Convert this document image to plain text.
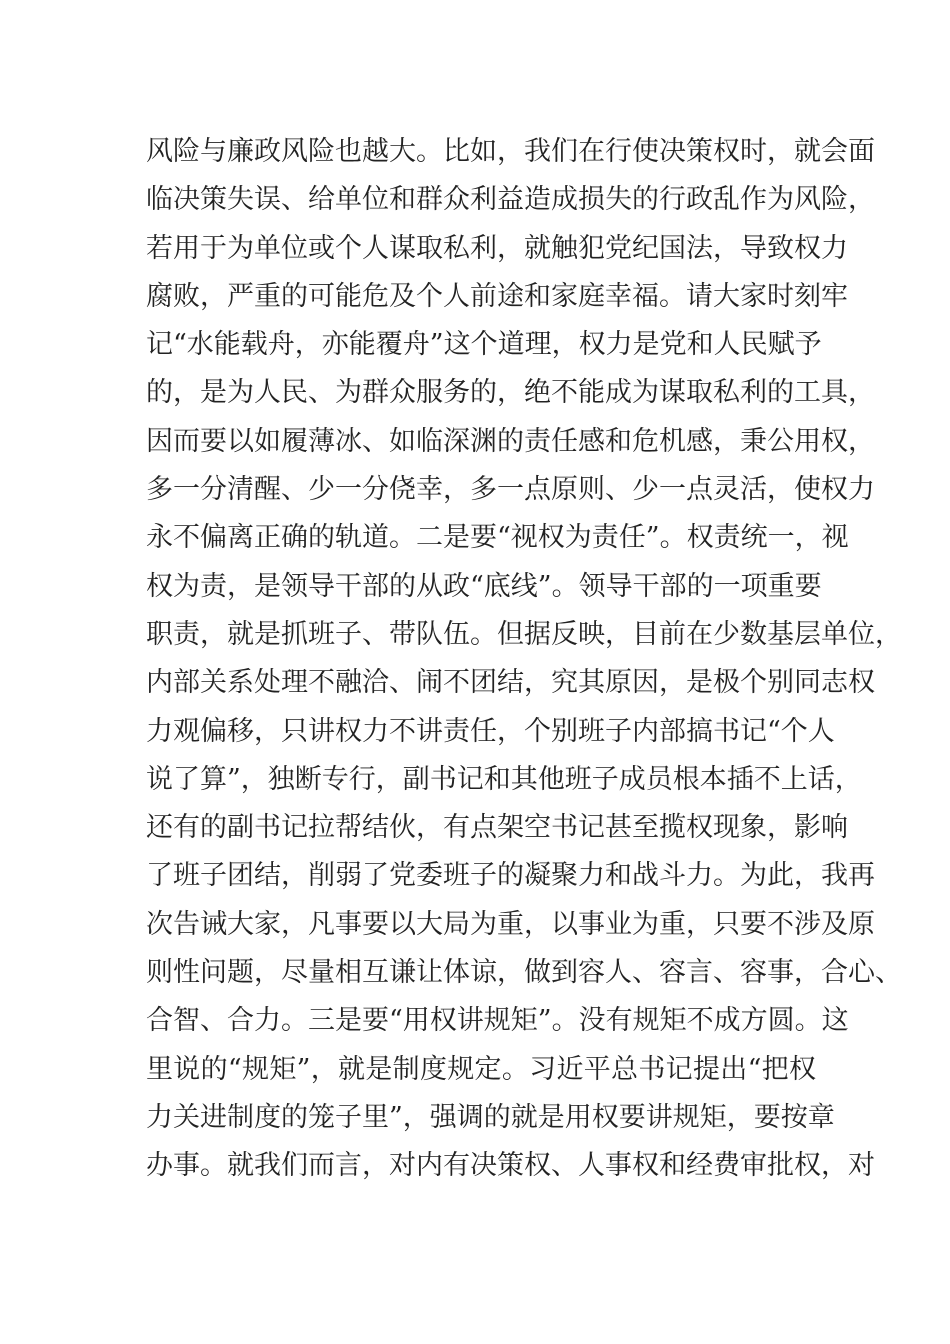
风险与廉政风险也越大。比如，我们在行使决策权时，就会面
临决策失误、给单位和群众利益造成损失的行政乱作为风险，
若用于为单位或个人谋取私利，就触犯党纪国法，导致权力
腐败，严重的可能危及个人前途和家庭幸福。请大家时刻牢
记“水能载舟，亦能覆舟”这个道理，权力是党和人民赋予
的，是为人民、为群众服务的，绝不能成为谋取私利的工具，
因而要以如履薄冰、如临深渊的责任感和危机感，秉公用权，
多一分清醒、少一分侥幸，多一点原则、少一点灵活，使权力
永不偏离正确的轨道。二是要“视权为责任”。权责统一，视
权为责，是领导干部的从政“底线”。领导干部的一项重要
职责，就是抓班子、带队伍。但据反映，目前在少数基层单位，
内部关系处理不融洽、闹不团结，究其原因，是极个别同志权
力观偏移，只讲权力不讲责任，个别班子内部搞书记“个人
说了算”，独断专行，副书记和其他班子成员根本插不上话，
还有的副书记拉帮结伙，有点架空书记甚至揽权现象，影响
了班子团结，削弱了党委班子的凝聚力和战斗力。为此，我再
次告诫大家，凡事要以大局为重，以事业为重，只要不涉及原
则性问题，尽量相互谦让体谅，做到容人、容言、容事，合心、
合智、合力。三是要“用权讲规矩”。没有规矩不成方圆。这
里说的“规矩”，就是制度规定。习近平总书记提出“把权
力关进制度的笼子里”，强调的就是用权要讲规矩，要按章
办事。就我们而言，对内有决策权、人事权和经费审批权，对
